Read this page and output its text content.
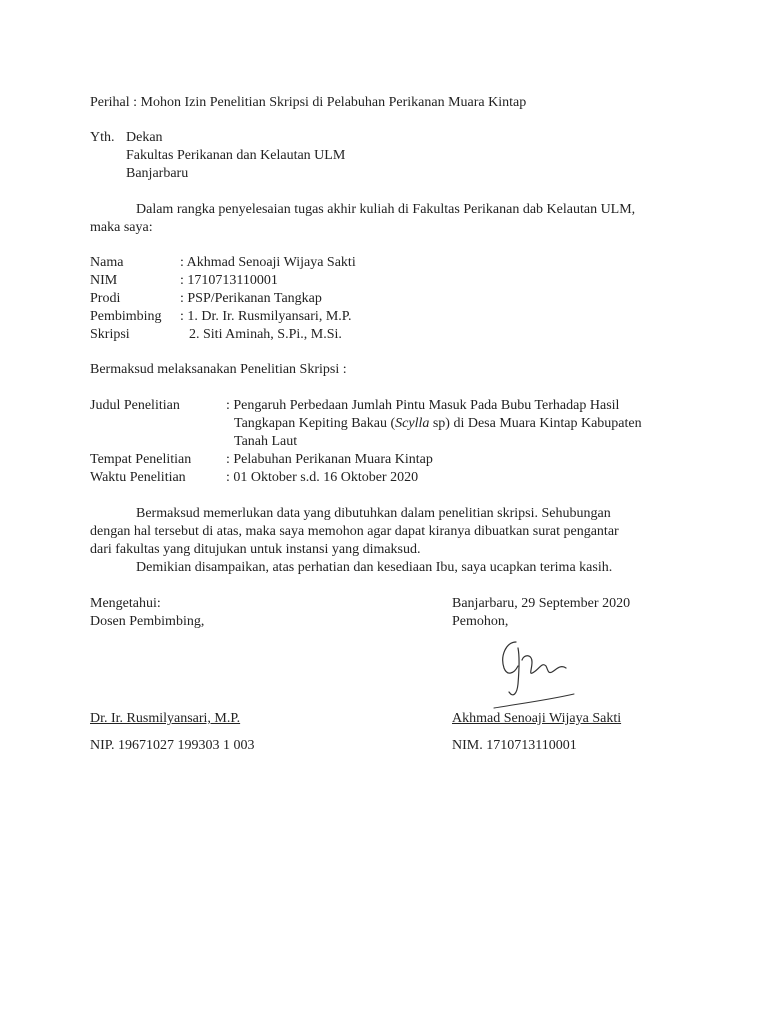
Perihal : Mohon Izin Penelitian Skripsi di Pelabuhan Perikanan Muara Kintap
Yth. Dekan
Fakultas Perikanan dan Kelautan ULM
Banjarbaru
Dalam rangka penyelesaian tugas akhir kuliah di Fakultas Perikanan dab Kelautan ULM,
maka saya:
Nama	: Akhmad Senoaji Wijaya Sakti
NIM	: 1710713110001
Prodi	: PSP/Perikanan Tangkap
Pembimbing : 1. Dr. Ir. Rusmilyansari, M.P.
Skripsi	2. Siti Aminah, S.Pi., M.Si.
Bermaksud melaksanakan Penelitian Skripsi :
Judul Penelitian	: Pengaruh Perbedaan Jumlah Pintu Masuk Pada Bubu Terhadap Hasil
Tangkapan Kepiting Bakau (Scylla sp) di Desa Muara Kintap Kabupaten
Tanah Laut
Tempat Penelitian : Pelabuhan Perikanan Muara Kintap
Waktu Penelitian	: 01 Oktober s.d. 16 Oktober 2020
Bermaksud memerlukan data yang dibutuhkan dalam penelitian skripsi. Sehubungan
dengan hal tersebut di atas, maka saya memohon agar dapat kiranya dibuatkan surat pengantar
dari fakultas yang ditujukan untuk instansi yang dimaksud.
Demikian disampaikan, atas perhatian dan kesediaan Ibu, saya ucapkan terima kasih.
Mengetahui:
Dosen Pembimbing,
Banjarbaru, 29 September 2020
Pemohon,
Dr. Ir. Rusmilyansari, M.P.	Akhmad Senoaji Wijaya Sakti
NIP. 19671027 199303 1 003	NIM. 1710713110001
